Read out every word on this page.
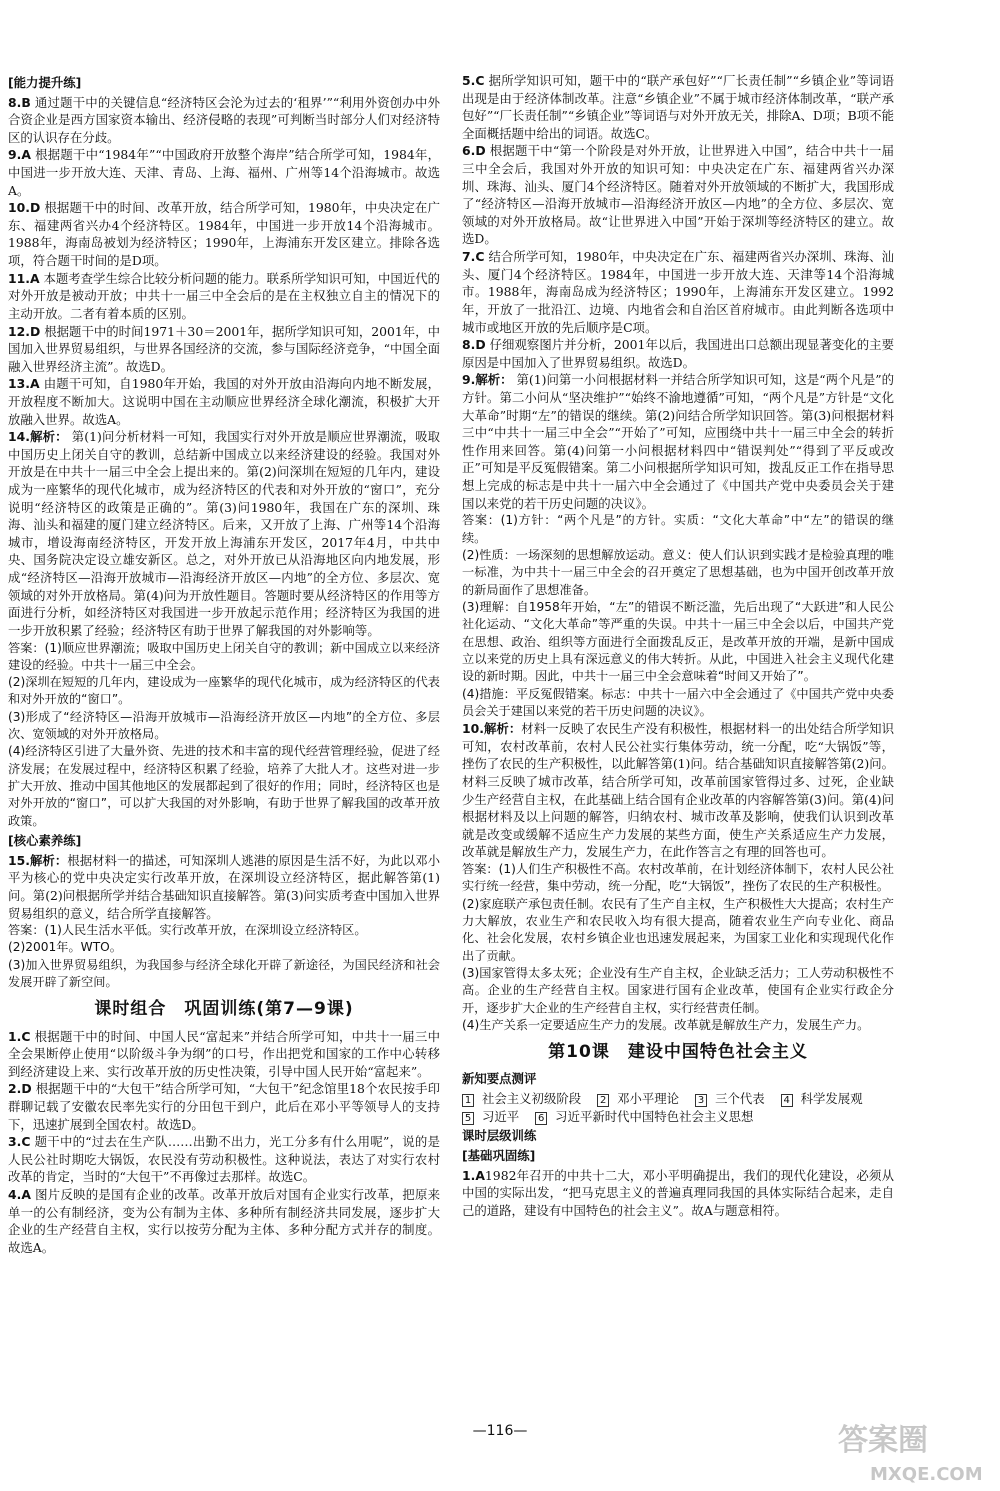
[能力提升练]

8.B 通过题干中的关键信息“经济特区会沦为过去的‘租界’”“利用外资创办中外合资企业是西方国家资本输出、经济侵略的表现”可判断当时部分人们对经济特区的认识存在分歧。

9.A 根据题干中“1984年”“中国政府开放整个海岸”结合所学可知，1984年，中国进一步开放大连、天津、青岛、上海、福州、广州等14个沿海城市。故选A。

10.D 根据题干中的时间、改革开放，结合所学可知，1980年，中央决定在广东、福建两省兴办4个经济特区。1984年，中国进一步开放14个沿海城市。1988年，海南岛被划为经济特区；1990年，上海浦东开发区建立。排除各选项，符合题干时间的是D项。

11.A 本题考查学生综合比较分析问题的能力。联系所学知识可知，中国近代的对外开放是被动开放；中共十一届三中全会后的是在主权独立自主的情况下的主动开放。二者有着本质的区别。

12.D 根据题干中的时间1971＋30＝2001年，据所学知识可知，2001年，中国加入世界贸易组织，与世界各国经济的交流，参与国际经济竞争，“中国全面融入世界经济主流”。故选D。

13.A 由题干可知，自1980年开始，我国的对外开放由沿海向内地不断发展，开放程度不断加大。这说明中国在主动顺应世界经济全球化潮流，积极扩大开放融入世界。故选A。

14.解析： 第(1)问分析材料一可知，我国实行对外开放是顺应世界潮流，吸取中国历史上闭关自守的教训，总结新中国成立以来经济建设的经验。我国对外开放是在中共十一届三中全会上提出来的。第(2)问深圳在短短的几年内，建设成为一座繁华的现代化城市，成为经济特区的代表和对外开放的“窗口”，充分说明“经济特区的政策是正确的”。第(3)问1980年，我国在广东的深圳、珠海、汕头和福建的厦门建立经济特区。后来，又开放了上海、广州等14个沿海城市，增设海南经济特区，开发开放上海浦东开发区，2017年4月，中共中央、国务院决定设立雄安新区。总之，对外开放已从沿海地区向内地发展，形成“经济特区—沿海开放城市—沿海经济开放区—内地”的全方位、多层次、宽领域的对外开放格局。第(4)问为开放性题目。答题时要从经济特区的作用等方面进行分析，如经济特区对我国进一步开放起示范作用；经济特区为我国的进一步开放积累了经验；经济特区有助于世界了解我国的对外影响等。

答案：(1)顺应世界潮流；吸取中国历史上闭关自守的教训；新中国成立以来经济建设的经验。中共十一届三中全会。

(2)深圳在短短的几年内，建设成为一座繁华的现代化城市，成为经济特区的代表和对外开放的“窗口”。

(3)形成了“经济特区—沿海开放城市—沿海经济开放区—内地”的全方位、多层次、宽领域的对外开放格局。

(4)经济特区引进了大量外资、先进的技术和丰富的现代经营管理经验，促进了经济发展；在发展过程中，经济特区积累了经验，培养了大批人才。这些对进一步扩大开放、推动中国其他地区的发展都起到了很好的作用；同时，经济特区也是对外开放的“窗口”，可以扩大我国的对外影响，有助于世界了解我国的改革开放政策。

[核心素养练]

15.解析：根据材料一的描述，可知深圳人逃港的原因是生活不好，为此以邓小平为核心的党中央决定实行改革开放，在深圳设立经济特区，据此解答第(1)问。第(2)问根据所学并结合基础知识直接解答。第(3)问实质考查中国加入世界贸易组织的意义，结合所学直接解答。

答案：(1)人民生活水平低。实行改革开放，在深圳设立经济特区。

(2)2001年。WTO。

(3)加入世界贸易组织，为我国参与经济全球化开辟了新途径，为国民经济和社会发展开辟了新空间。

课时组合　巩固训练(第7—9课)

1.C 根据题干中的时间、中国人民“富起来”并结合所学可知，中共十一届三中全会果断停止使用“以阶级斗争为纲”的口号，作出把党和国家的工作中心转移到经济建设上来、实行改革开放的历史性决策，引导中国人民开始“富起来”。

2.D 根据题干中的“大包干”结合所学可知，“大包干”纪念馆里18个农民按手印群聊记载了安徽农民率先实行的分田包干到户，此后在邓小平等领导人的支持下，迅速扩展到全国农村。故选D。

3.C 题干中的“过去在生产队……出勤不出力，光工分多有什么用呢”，说的是人民公社时期吃大锅饭，农民没有劳动积极性。这种说法，表达了对实行农村改革的肯定，当时的“大包干”不再像过去那样。故选C。

4.A 图片反映的是国有企业的改革。改革开放后对国有企业实行改革，把原来单一的公有制经济，变为公有制为主体、多种所有制经济共同发展，逐步扩大企业的生产经营自主权，实行以按劳分配为主体、多种分配方式并存的制度。故选A。

5.C 据所学知识可知，题干中的“联产承包好”“厂长责任制”“乡镇企业”等词语出现是由于经济体制改革。注意“乡镇企业”不属于城市经济体制改革，“联产承包好”“厂长责任制”“乡镇企业”等词语与对外开放无关，排除A、D项；B项不能全面概括题中给出的词语。故选C。

6.D 根据题干中“第一个阶段是对外开放，让世界进入中国”，结合中共十一届三中全会后，我国对外开放的知识可知：中央决定在广东、福建两省兴办深圳、珠海、汕头、厦门4个经济特区。随着对外开放领域的不断扩大，我国形成了“经济特区—沿海开放城市—沿海经济开放区—内地”的全方位、多层次、宽领域的对外开放格局。故“让世界进入中国”开始于深圳等经济特区的建立。故选D。

7.C 结合所学可知，1980年，中央决定在广东、福建两省兴办深圳、珠海、汕头、厦门4个经济特区。1984年，中国进一步开放大连、天津等14个沿海城市。1988年，海南岛成为经济特区；1990年，上海浦东开发区建立。1992年，开放了一批沿江、边境、内地省会和自治区首府城市。由此判断各选项中城市或地区开放的先后顺序是C项。

8.D 仔细观察图片并分析，2001年以后，我国进出口总额出现显著变化的主要原因是中国加入了世界贸易组织。故选D。

9.解析： 第(1)问第一小问根据材料一并结合所学知识可知，这是“两个凡是”的方针。第二小问从“坚决维护”“始终不渝地遵循”可知，“两个凡是”方针是“文化大革命”时期“左”的错误的继续。第(2)问结合所学知识回答。第(3)问根据材料三中“中共十一届三中全会”“开始了”可知，应围绕中共十一届三中全会的转折性作用来回答。第(4)问第一小问根据材料四中“错误判处”“得到了平反或改正”可知是平反冤假错案。第二小问根据所学知识可知，拨乱反正工作在指导思想上完成的标志是中共十一届六中全会通过了《中国共产党中央委员会关于建国以来党的若干历史问题的决议》。

答案：(1)方针：“两个凡是”的方针。实质：“文化大革命”中“左”的错误的继续。

(2)性质：一场深刻的思想解放运动。意义：使人们认识到实践才是检验真理的唯一标准，为中共十一届三中全会的召开奠定了思想基础，也为中国开创改革开放的新局面作了思想准备。

(3)理解：自1958年开始，“左”的错误不断泛滥，先后出现了“大跃进”和人民公社化运动、“文化大革命”等严重的失误。中共十一届三中全会以后，中国共产党在思想、政治、组织等方面进行全面拨乱反正，是改革开放的开端，是新中国成立以来党的历史上具有深远意义的伟大转折。从此，中国进入社会主义现代化建设的新时期。因此，中共十一届三中全会意味着“时间又开始了”。

(4)措施：平反冤假错案。标志：中共十一届六中全会通过了《中国共产党中央委员会关于建国以来党的若干历史问题的决议》。

10.解析：材料一反映了农民生产没有积极性，根据材料一的出处结合所学知识可知，农村改革前，农村人民公社实行集体劳动，统一分配，吃“大锅饭”等，挫伤了农民的生产积极性，以此解答第(1)问。结合基础知识直接解答第(2)问。材料三反映了城市改革，结合所学可知，改革前国家管得过多、过死，企业缺少生产经营自主权，在此基础上结合国有企业改革的内容解答第(3)问。第(4)问根据材料及以上问题的解答，归纳农村、城市改革及影响，使我们认识到改革就是改变或缓解不适应生产力发展的某些方面，使生产关系适应生产力发展，改革就是解放生产力，发展生产力，在此作答言之有理的回答也可。

答案：(1)人们生产积极性不高。农村改革前，在计划经济体制下，农村人民公社实行统一经营，集中劳动，统一分配，吃“大锅饭”，挫伤了农民的生产积极性。

(2)家庭联产承包责任制。农民有了生产自主权，生产积极性大大提高；农村生产力大解放，农业生产和农民收入均有很大提高，随着农业生产向专业化、商品化、社会化发展，农村乡镇企业也迅速发展起来，为国家工业化和实现现代化作出了贡献。

(3)国家管得太多太死；企业没有生产自主权，企业缺乏活力；工人劳动积极性不高。企业的生产经营自主权。国家进行国有企业改革，使国有企业实行政企分开，逐步扩大企业的生产经营自主权，实行经营责任制。

(4)生产关系一定要适应生产力的发展。改革就是解放生产力，发展生产力。

第10课　建设中国特色社会主义
新知要点测评

1 社会主义初级阶段 2 邓小平理论 3 三个代表 4 科学发展观

5 习近平 6 习近平新时代中国特色社会主义思想

课时层级训练
[基础巩固练]

1.A1982年召开的中共十二大，邓小平明确提出，我们的现代化建设，必须从中国的实际出发，“把马克思主义的普遍真理同我国的具体实际结合起来，走自己的道路，建设有中国特色的社会主义”。故A与题意相符。

—116—	答案圈
MXQE.COM
